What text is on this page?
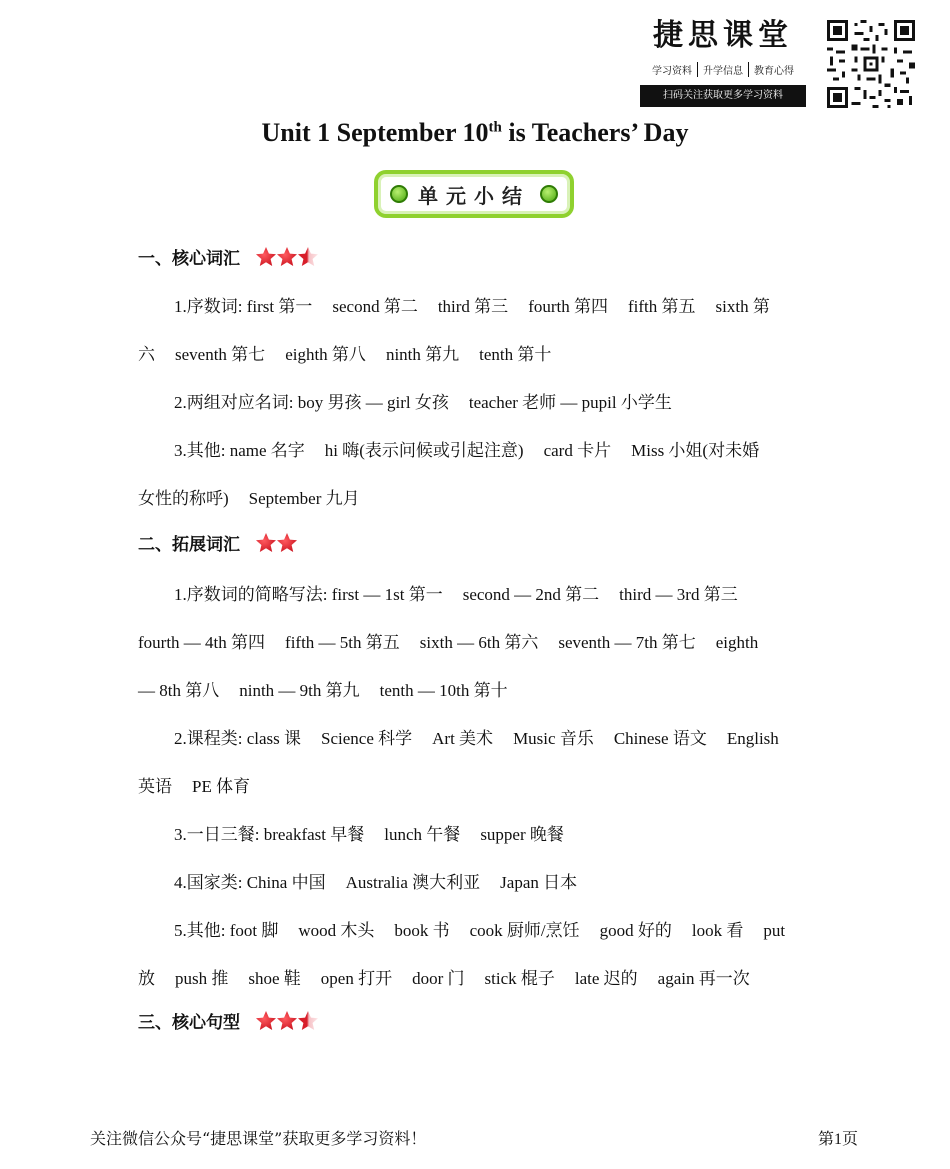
捷思课堂
学习资料	升学信息	教育心得
扫码关注获取更多学习资料
Unit 1 September 10th is Teachers’ Day
单元小结
一、核心词汇
1.序数词: first 第一 second 第二 third 第三 fourth 第四 fifth 第五 sixth 第
六 seventh 第七 eighth 第八 ninth 第九 tenth 第十
2.两组对应名词: boy 男孩 — girl 女孩 teacher 老师 — pupil 小学生
3.其他: name 名字 hi 嗨(表示问候或引起注意) card 卡片 Miss 小姐(对未婚
女性的称呼) September 九月
二、拓展词汇
1.序数词的简略写法: first — 1st 第一 second — 2nd 第二 third — 3rd 第三
fourth — 4th 第四 fifth — 5th 第五 sixth — 6th 第六 seventh — 7th 第七 eighth
— 8th 第八 ninth — 9th 第九 tenth — 10th 第十
2.课程类: class 课 Science 科学 Art 美术 Music 音乐 Chinese 语文 English
英语 PE 体育
3.一日三餐: breakfast 早餐 lunch 午餐 supper 晚餐
4.国家类: China 中国 Australia 澳大利亚 Japan 日本
5.其他: foot 脚 wood 木头 book 书 cook 厨师/烹饪 good 好的 look 看 put
放 push 推 shoe 鞋 open 打开 door 门 stick 棍子 late 迟的 again 再一次
三、核心句型
关注微信公众号“捷思课堂”获取更多学习资料！	第1页
